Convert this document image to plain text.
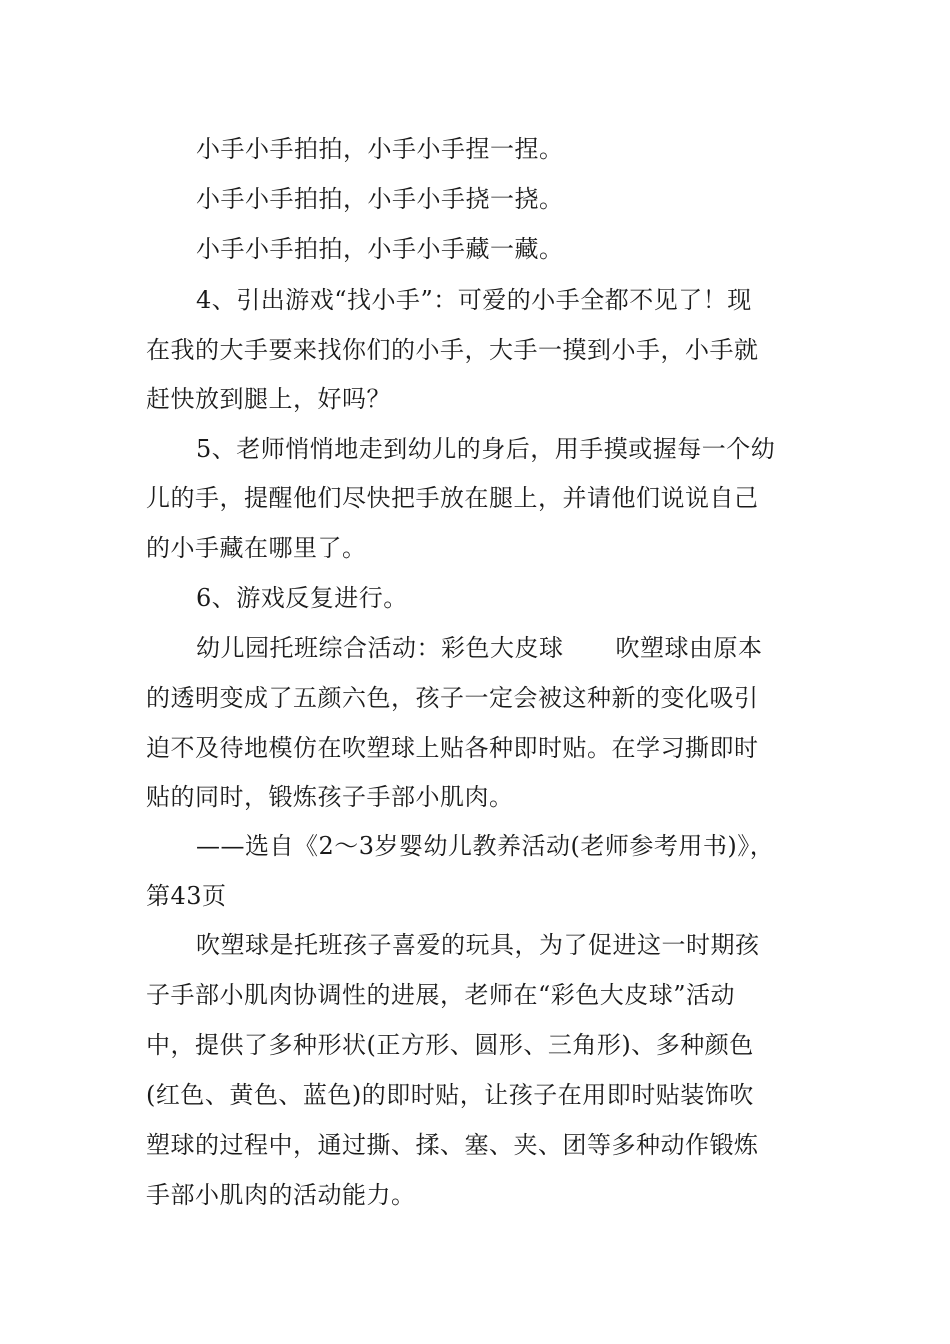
小手小手拍拍，小手小手捏一捏。
小手小手拍拍，小手小手挠一挠。
小手小手拍拍，小手小手藏一藏。
4、引出游戏“找小手”：可爱的小手全都不见了！现
在我的大手要来找你们的小手，大手一摸到小手，小手就
赶快放到腿上，好吗？
5、老师悄悄地走到幼儿的身后，用手摸或握每一个幼
儿的手，提醒他们尽快把手放在腿上，并请他们说说自己
的小手藏在哪里了。
6、游戏反复进行。
幼儿园托班综合活动：彩色大皮球 吹塑球由原本
的透明变成了五颜六色，孩子一定会被这种新的变化吸引
迫不及待地模仿在吹塑球上贴各种即时贴。在学习撕即时
贴的同时，锻炼孩子手部小肌肉。
——选自《2～3岁婴幼儿教养活动(老师参考用书)》，
第43页
吹塑球是托班孩子喜爱的玩具，为了促进这一时期孩
子手部小肌肉协调性的进展，老师在“彩色大皮球”活动
中，提供了多种形状(正方形、圆形、三角形)、多种颜色
(红色、黄色、蓝色)的即时贴，让孩子在用即时贴装饰吹
塑球的过程中，通过撕、揉、塞、夹、团等多种动作锻炼
手部小肌肉的活动能力。
